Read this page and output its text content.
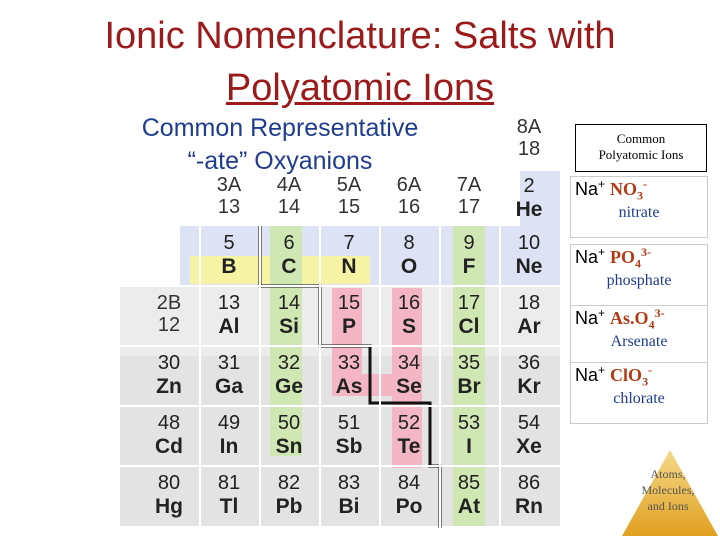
Ionic Nomenclature: Salts with
Polyatomic Ions
Common Representative
“-ate” Oxyanions
8A
18
3A
13
4A
14
5A
15
6A
16
7A
17
2B
12
2
He
5
B
6
C
7
N
8
O
9
F
10
Ne
13
Al
14
Si
15
P
16
S
17
Cl
18
Ar
30
Zn
31
Ga
32
Ge
33
As
34
Se
35
Br
36
Kr
48
Cd
49
In
50
Sn
51
Sb
52
Te
53
I
54
Xe
80
Hg
81
Tl
82
Pb
83
Bi
84
Po
85
At
86
Rn
Common
Polyatomic Ions
Na+ $NO_3^-$
nitrate
Na+ $PO_4^{3-}$
phosphate
Na+ $As.O_4^{3-}$
Arsenate
Na+ ClO$_3$-
chlorate
Atoms,
Molecules,
and Ions
